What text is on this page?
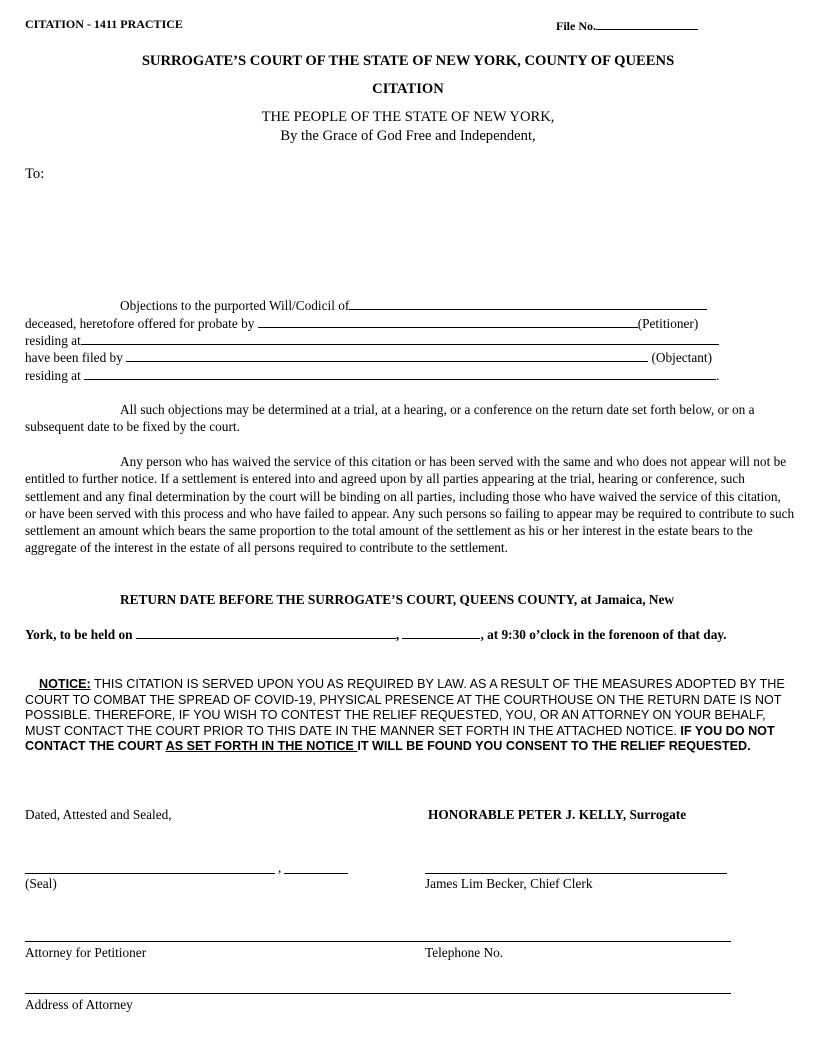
CITATION - 1411 PRACTICE	File No.
SURROGATE’S COURT OF THE STATE OF NEW YORK, COUNTY OF QUEENS
CITATION
THE PEOPLE OF THE STATE OF NEW YORK,
By the Grace of God Free and Independent,
To:
Objections to the purported Will/Codicil of
deceased, heretofore offered for probate by	(Petitioner)
residing at
have been filed by	(Objectant)
residing at	.
All such objections may be determined at a trial, at a hearing, or a conference on the return date set forth below, or on a subsequent date to be fixed by the court.
Any person who has waived the service of this citation or has been served with the same and who does not appear will not be entitled to further notice. If a settlement is entered into and agreed upon by all parties appearing at the trial, hearing or conference, such settlement and any final determination by the court will be binding on all parties, including those who have waived the service of this citation, or have been served with this process and who have failed to appear. Any such persons so failing to appear may be required to contribute to such settlement an amount which bears the same proportion to the total amount of the settlement as his or her interest in the estate bears to the aggregate of the interest in the estate of all persons required to contribute to the settlement.
RETURN DATE BEFORE THE SURROGATE’S COURT, QUEENS COUNTY, at Jamaica, New
York, to be held on	,	, at 9:30 o’clock in the forenoon of that day.
NOTICE: THIS CITATION IS SERVED UPON YOU AS REQUIRED BY LAW. AS A RESULT OF THE MEASURES ADOPTED BY THE COURT TO COMBAT THE SPREAD OF COVID-19, PHYSICAL PRESENCE AT THE COURTHOUSE ON THE RETURN DATE IS NOT POSSIBLE. THEREFORE, IF YOU WISH TO CONTEST THE RELIEF REQUESTED, YOU, OR AN ATTORNEY ON YOUR BEHALF, MUST CONTACT THE COURT PRIOR TO THIS DATE IN THE MANNER SET FORTH IN THE ATTACHED NOTICE. IF YOU DO NOT CONTACT THE COURT AS SET FORTH IN THE NOTICE IT WILL BE FOUND YOU CONSENT TO THE RELIEF REQUESTED.
Dated, Attested and Sealed,	HONORABLE PETER J. KELLY, Surrogate
,
(Seal)	James Lim Becker, Chief Clerk
Attorney for Petitioner	Telephone No.
Address of Attorney
